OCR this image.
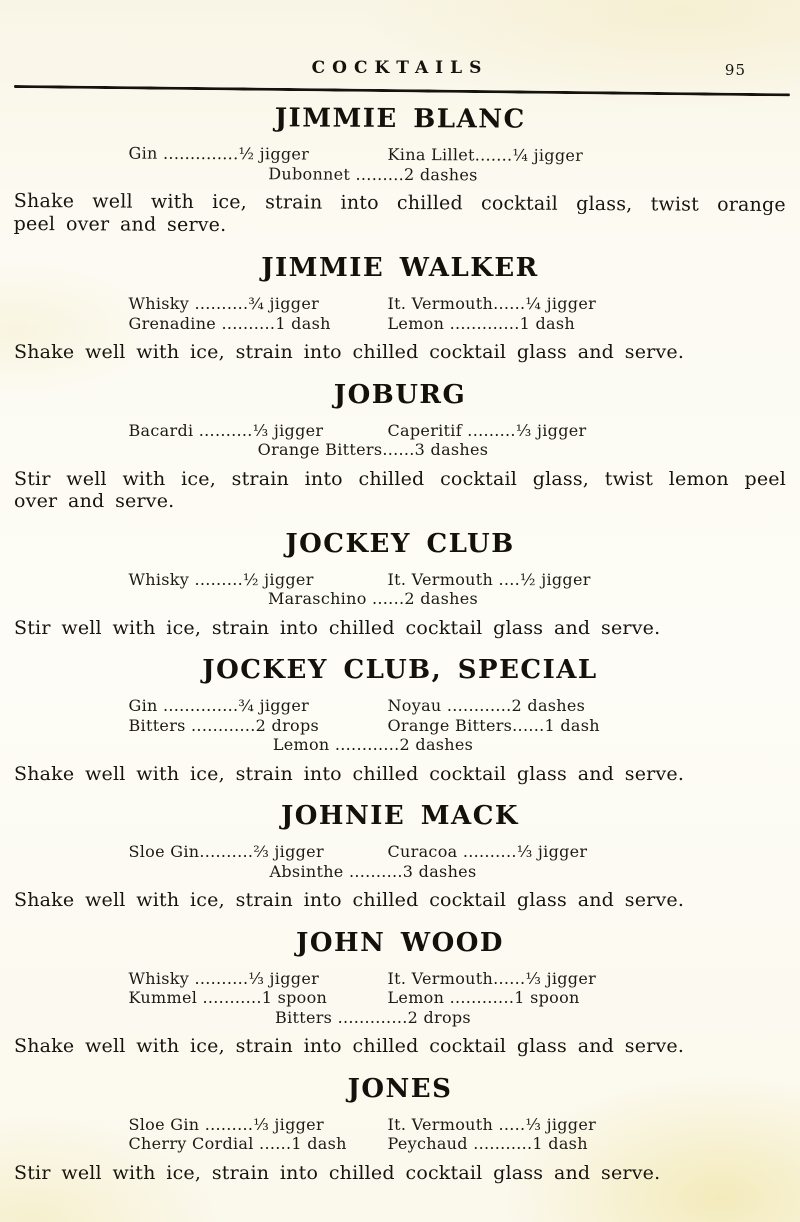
COCKTAILS	95
JIMMIE BLANC
Gin ..............½ jigger	Kina Lillet.......¼ jigger
Dubonnet .........2 dashes
Shake well with ice, strain into chilled cocktail glass, twist orange
peel over and serve.
JIMMIE WALKER
Whisky ..........¾ jigger	It. Vermouth......¼ jigger
Grenadine ..........1 dash	Lemon .............1 dash
Shake well with ice, strain into chilled cocktail glass and serve.
JOBURG
Bacardi ..........⅓ jigger	Caperitif .........⅓ jigger
Orange Bitters......3 dashes
Stir well with ice, strain into chilled cocktail glass, twist lemon peel
over and serve.
JOCKEY CLUB
Whisky .........½ jigger	It. Vermouth ....½ jigger
Maraschino ......2 dashes
Stir well with ice, strain into chilled cocktail glass and serve.
JOCKEY CLUB, SPECIAL
Gin ..............¾ jigger	Noyau ............2 dashes
Bitters ............2 drops	Orange Bitters......1 dash
Lemon ............2 dashes
Shake well with ice, strain into chilled cocktail glass and serve.
JOHNIE MACK
Sloe Gin..........⅔ jigger	Curacoa ..........⅓ jigger
Absinthe ..........3 dashes
Shake well with ice, strain into chilled cocktail glass and serve.
JOHN WOOD
Whisky ..........⅓ jigger	It. Vermouth......⅓ jigger
Kummel ...........1 spoon	Lemon ............1 spoon
Bitters .............2 drops
Shake well with ice, strain into chilled cocktail glass and serve.
JONES
Sloe Gin .........⅓ jigger	It. Vermouth .....⅓ jigger
Cherry Cordial ......1 dash	Peychaud ...........1 dash
Stir well with ice, strain into chilled cocktail glass and serve.
